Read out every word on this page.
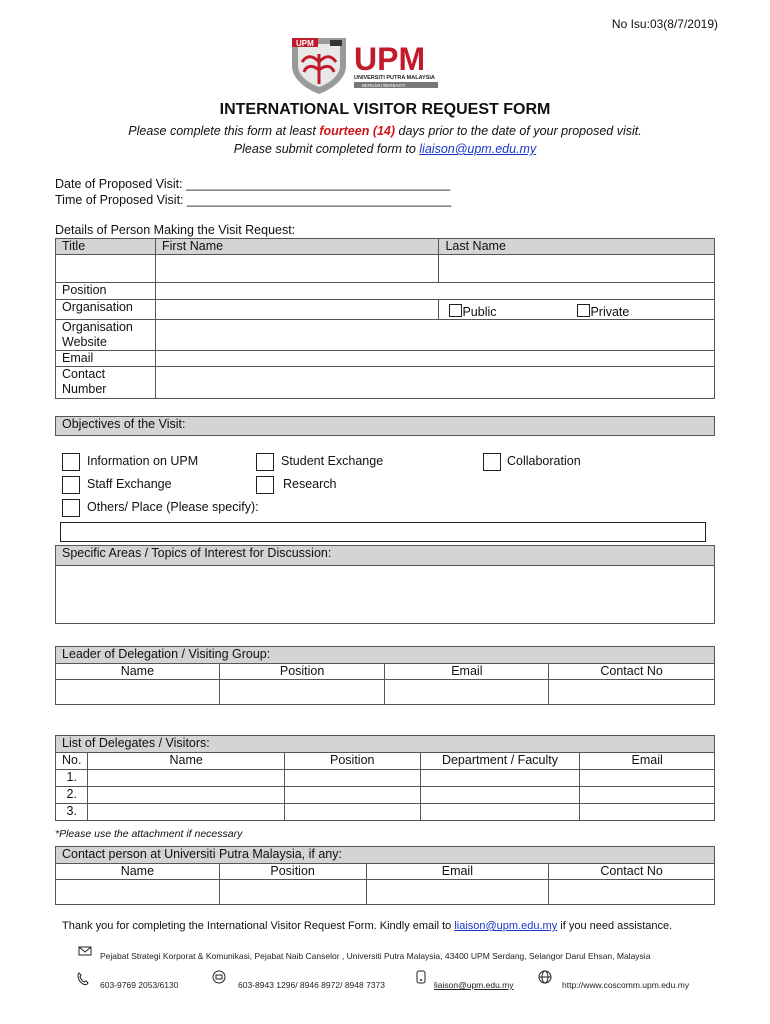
No Isu:03(8/7/2019)
UPM UPM
UNIVERSITI PUTRA MALAYSIA
BERILMU BERBAKTI
INTERNATIONAL VISITOR REQUEST FORM
Please complete this form at least fourteen (14) days prior to the date of your proposed visit.
Please submit completed form to liaison@upm.edu.my
Date of Proposed Visit: ______________________________________
Time of Proposed Visit: ______________________________________
Details of Person Making the Visit Request:
Title	First Name	Last Name

Position		
Organisation		Public Private

Organisation
Website		
Email		
Contact
Number		
Objectives of the Visit:
Information on UPM	Student Exchange	Collaboration
Staff Exchange	Research
Others/ Place (Please specify):
Specific Areas / Topics of Interest for Discussion:

Leader of Delegation / Visiting Group:			
Name	Position	Email	Contact No

List of Delegates / Visitors:				
No.	Name	Position	Department / Faculty	Email
1.				
2.				
3.				
*Please use the attachment if necessary
Contact person at Universiti Putra Malaysia, if any:			
Name	Position	Email	Contact No

Thank you for completing the International Visitor Request Form. Kindly email to liaison@upm.edu.my if you need assistance.
Pejabat Strategi Korporat & Komunikasi, Pejabat Naib Canselor , Universiti Putra Malaysia, 43400 UPM Serdang, Selangor Darul Ehsan, Malaysia
603-9769 2053/6130	603-8943 1296/ 8946 8972/ 8948 7373	liaison@upm.edu.my	http://www.coscomm.upm.edu.my
